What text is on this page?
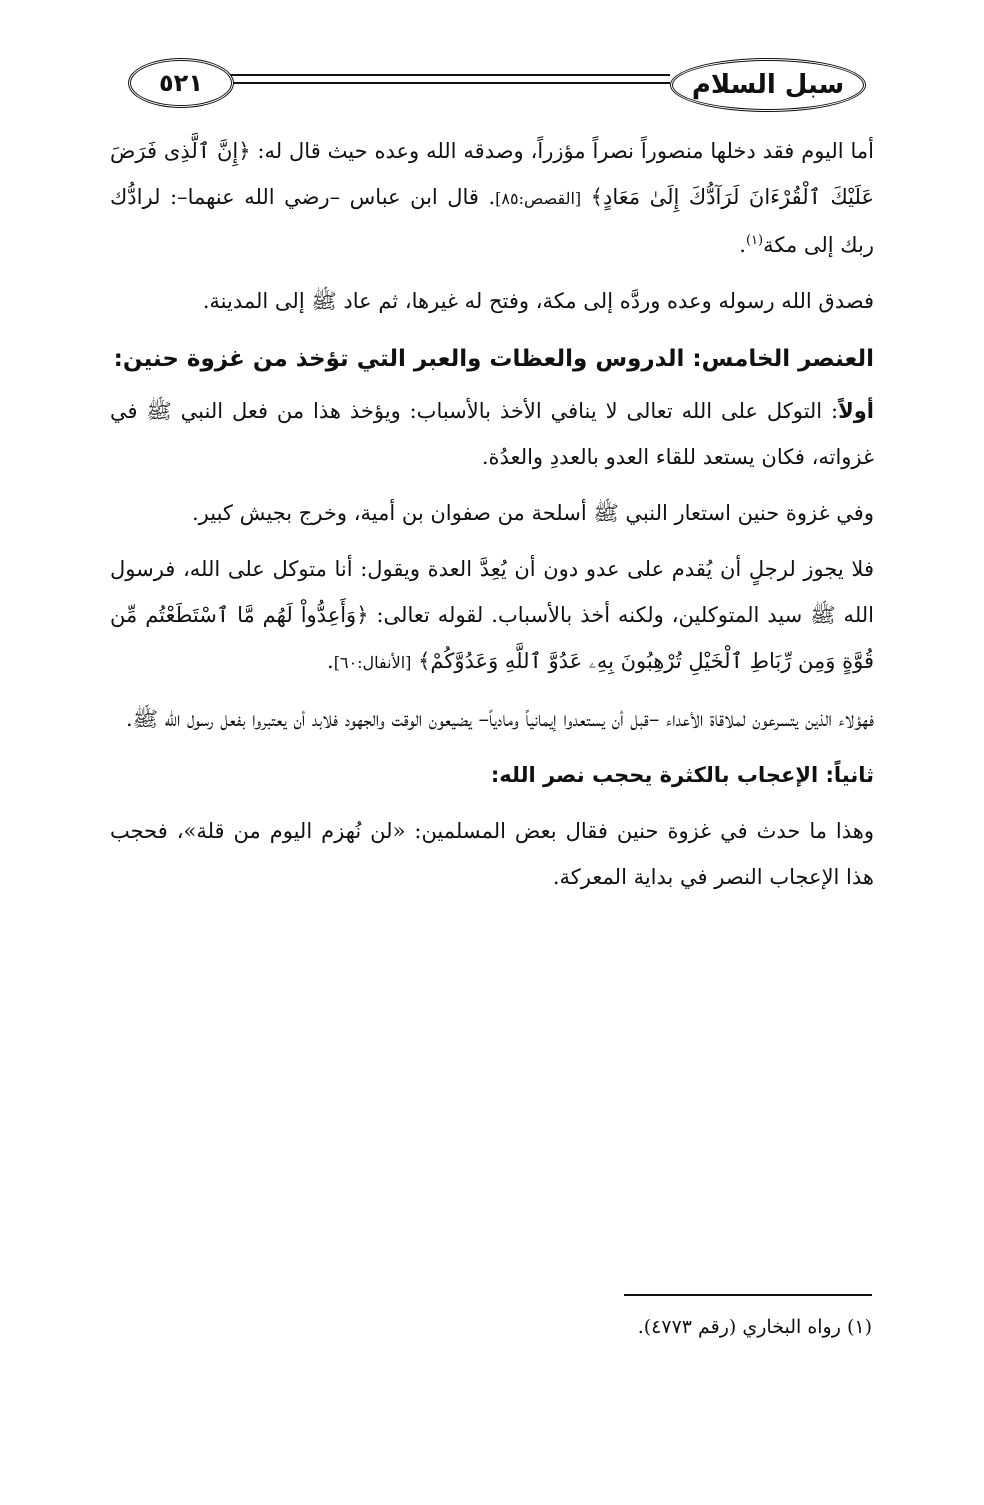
سبل السلام
٥٢١

أما اليوم فقد دخلها منصوراً نصراً مؤزراً، وصدقه الله وعده حيث قال له: ﴿إِنَّ ٱلَّذِى فَرَضَ عَلَيْكَ ٱلْقُرْءَانَ لَرَآدُّكَ إِلَىٰ مَعَادٍ﴾ [القصص:٨٥]. قال ابن عباس –رضي الله عنهما–: لرادُّك ربك إلى مكة$^{(١)}$.

فصدق الله رسوله وعده وردَّه إلى مكة، وفتح له غيرها، ثم عاد ﷺ إلى المدينة.

العنصر الخامس: الدروس والعظات والعبر التي تؤخذ من غزوة حنين:

أولاً: التوكل على الله تعالى لا ينافي الأخذ بالأسباب: ويؤخذ هذا من فعل النبي ﷺ في غزواته، فكان يستعد للقاء العدو بالعددِ والعدُة.

وفي غزوة حنين استعار النبي ﷺ أسلحة من صفوان بن أمية، وخرج بجيش كبير.

فلا يجوز لرجلٍ أن يُقدم على عدو دون أن يُعِدَّ العدة ويقول: أنا متوكل على الله، فرسول الله ﷺ سيد المتوكلين، ولكنه أخذ بالأسباب. لقوله تعالى: ﴿وَأَعِدُّواْ لَهُم مَّا ٱسْتَطَعْتُم مِّن قُوَّةٍ وَمِن رِّبَاطِ ٱلْخَيْلِ تُرْهِبُونَ بِهِۦ عَدُوَّ ٱللَّهِ وَعَدُوَّكُمْ﴾ [الأنفال:٦٠].

فهؤلاء الذين يتسرعون لملاقاة الأعداء –قبل أن يستعدوا إيمانياً ومادياً– يضيعون الوقت والجهود فلابد أن يعتبروا بفعل رسول الله ﷺ.

ثانياً: الإعجاب بالكثرة يحجب نصر الله:

وهذا ما حدث في غزوة حنين فقال بعض المسلمين: «لن نُهزم اليوم من قلة»، فحجب هذا الإعجاب النصر في بداية المعركة.

(١) رواه البخاري (رقم ٤٧٧٣).
